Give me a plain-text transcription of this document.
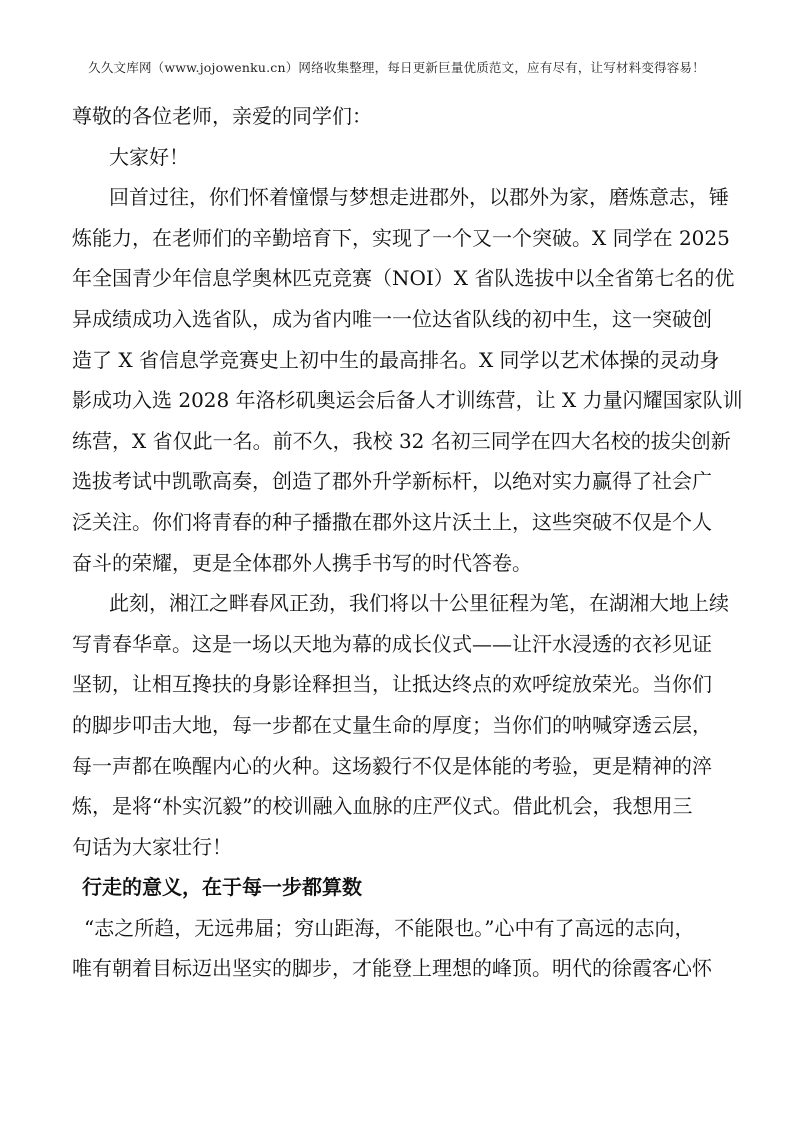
久久文库网（www.jojowenku.cn）网络收集整理，每日更新巨量优质范文，应有尽有，让写材料变得容易！
尊敬的各位老师，亲爱的同学们：
大家好！
回首过往，你们怀着憧憬与梦想走进郡外，以郡外为家，磨炼意志，锤
炼能力，在老师们的辛勤培育下，实现了一个又一个突破。X 同学在 2025
年全国青少年信息学奥林匹克竞赛（NOI）X 省队选拔中以全省第七名的优
异成绩成功入选省队，成为省内唯一一位达省队线的初中生，这一突破创
造了 X 省信息学竞赛史上初中生的最高排名。X 同学以艺术体操的灵动身
影成功入选 2028 年洛杉矶奥运会后备人才训练营，让 X 力量闪耀国家队训
练营，X 省仅此一名。前不久，我校 32 名初三同学在四大名校的拔尖创新
选拔考试中凯歌高奏，创造了郡外升学新标杆，以绝对实力赢得了社会广
泛关注。你们将青春的种子播撒在郡外这片沃土上，这些突破不仅是个人
奋斗的荣耀，更是全体郡外人携手书写的时代答卷。
此刻，湘江之畔春风正劲，我们将以十公里征程为笔，在湖湘大地上续
写青春华章。这是一场以天地为幕的成长仪式——让汗水浸透的衣衫见证
坚韧，让相互搀扶的身影诠释担当，让抵达终点的欢呼绽放荣光。当你们
的脚步叩击大地，每一步都在丈量生命的厚度；当你们的呐喊穿透云层，
每一声都在唤醒内心的火种。这场毅行不仅是体能的考验，更是精神的淬
炼，是将“朴实沉毅”的校训融入血脉的庄严仪式。借此机会，我想用三
句话为大家壮行！
行走的意义，在于每一步都算数
“志之所趋，无远弗届；穷山距海，不能限也。”心中有了高远的志向，
唯有朝着目标迈出坚实的脚步，才能登上理想的峰顶。明代的徐霞客心怀
